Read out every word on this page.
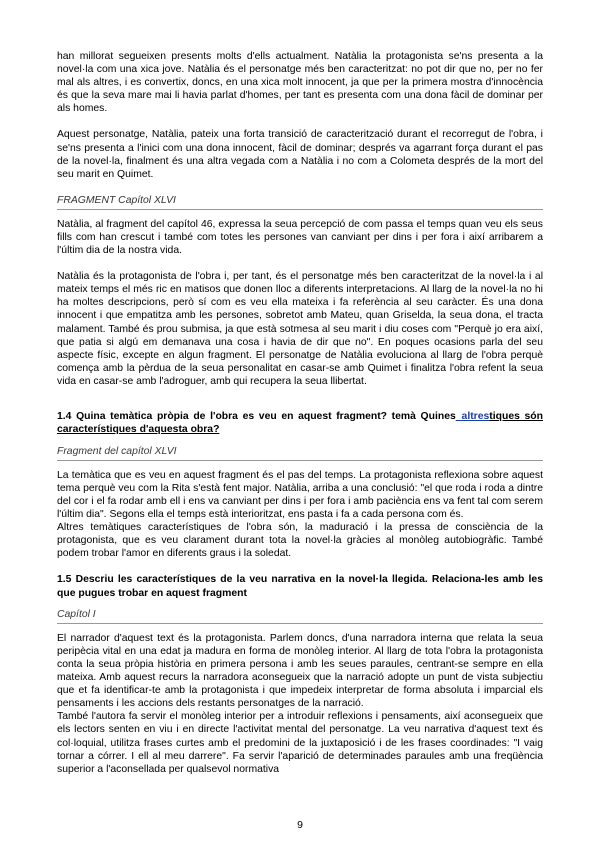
han millorat segueixen presents molts d'ells actualment. Natàlia la protagonista se'ns presenta a la novel·la com una xica jove. Natàlia és el personatge més ben caracteritzat: no pot dir que no, per no fer mal als altres, i es convertix, doncs, en una xica molt innocent, ja que per la primera mostra d'innocència és que la seva mare mai li havia parlat d'homes, per tant es presenta com una dona fàcil de dominar per als homes.

Aquest personatge, Natàlia, pateix una forta transició de caracterització durant el recorregut de l'obra, i se'ns presenta a l'inici com una dona innocent, fàcil de dominar; després va agarrant força durant el pas de la novel·la, finalment és una altra vegada com a Natàlia i no com a Colometa després de la mort del seu marit en Quimet.

FRAGMENT Capítol XLVI

Natàlia, al fragment del capítol 46, expressa la seua percepció de com passa el temps quan veu els seus fills com han crescut i també com totes les persones van canviant per dins i per fora i així arribarem a l'últim dia de la nostra vida.

Natàlia és la protagonista de l'obra i, per tant, és el personatge més ben caracteritzat de la novel·la i al mateix temps el més ric en matisos que donen lloc a diferents interpretacions. Al llarg de la novel·la no hi ha moltes descripcions, però sí com es veu ella mateixa i fa referència al seu caràcter. És una dona innocent i que empatitza amb les persones, sobretot amb Mateu, quan Griselda, la seua dona, el tracta malament. També és prou submisa, ja que està sotmesa al seu marit i diu coses com "Perquè jo era així, que patia si algú em demanava una cosa i havia de dir que no". En poques ocasions parla del seu aspecte físic, excepte en algun fragment. El personatge de Natàlia evoluciona al llarg de l'obra perquè comença amb la pèrdua de la seua personalitat en casar-se amb Quimet i finalitza l'obra refent la seua vida en casar-se amb l'adroguer, amb qui recupera la seua llibertat.

1.4 Quina temàtica pròpia de l'obra es veu en aquest fragment? temà Quines_altrestiques són característiques d'aquesta obra?

Fragment del capítol XLVI

La temàtica que es veu en aquest fragment és el pas del temps. La protagonista reflexiona sobre aquest tema perquè veu com la Rita s'està fent major. Natàlia, arriba a una conclusió: "el que roda i roda a dintre del cor i el fa rodar amb ell i ens va canviant per dins i per fora i amb paciència ens va fent tal com serem l'últim dia". Segons ella el temps està interioritzat, ens pasta i fa a cada persona com és.

Altres temàtiques característiques de l'obra són, la maduració i la pressa de consciència de la protagonista, que es veu clarament durant tota la novel·la gràcies al monòleg autobiogràfic. També podem trobar l'amor en diferents graus i la soledat.

1.5 Descriu les característiques de la veu narrativa en la novel·la llegida. Relaciona-les amb les que pugues trobar en aquest fragment

Capítol I

El narrador d'aquest text és la protagonista. Parlem doncs, d'una narradora interna que relata la seua peripècia vital en una edat ja madura en forma de monòleg interior. Al llarg de tota l'obra la protagonista conta la seua pròpia història en primera persona i amb les seues paraules, centrant-se sempre en ella mateixa. Amb aquest recurs la narradora aconsegueix que la narració adopte un punt de vista subjectiu que et fa identificar-te amb la protagonista i que impedeix interpretar de forma absoluta i imparcial els pensaments i les accions dels restants personatges de la narració.

També l'autora fa servir el monòleg interior per a introduir reflexions i pensaments, així aconsegueix que els lectors senten en viu i en directe l'activitat mental del personatge. La veu narrativa d'aquest text és col·loquial, utilitza frases curtes amb el predomini de la juxtaposició i de les frases coordinades: "I vaig tornar a córrer. I ell al meu darrere". Fa servir l'aparició de determinades paraules amb una freqüència superior a l'aconsellada per qualsevol normativa

9
